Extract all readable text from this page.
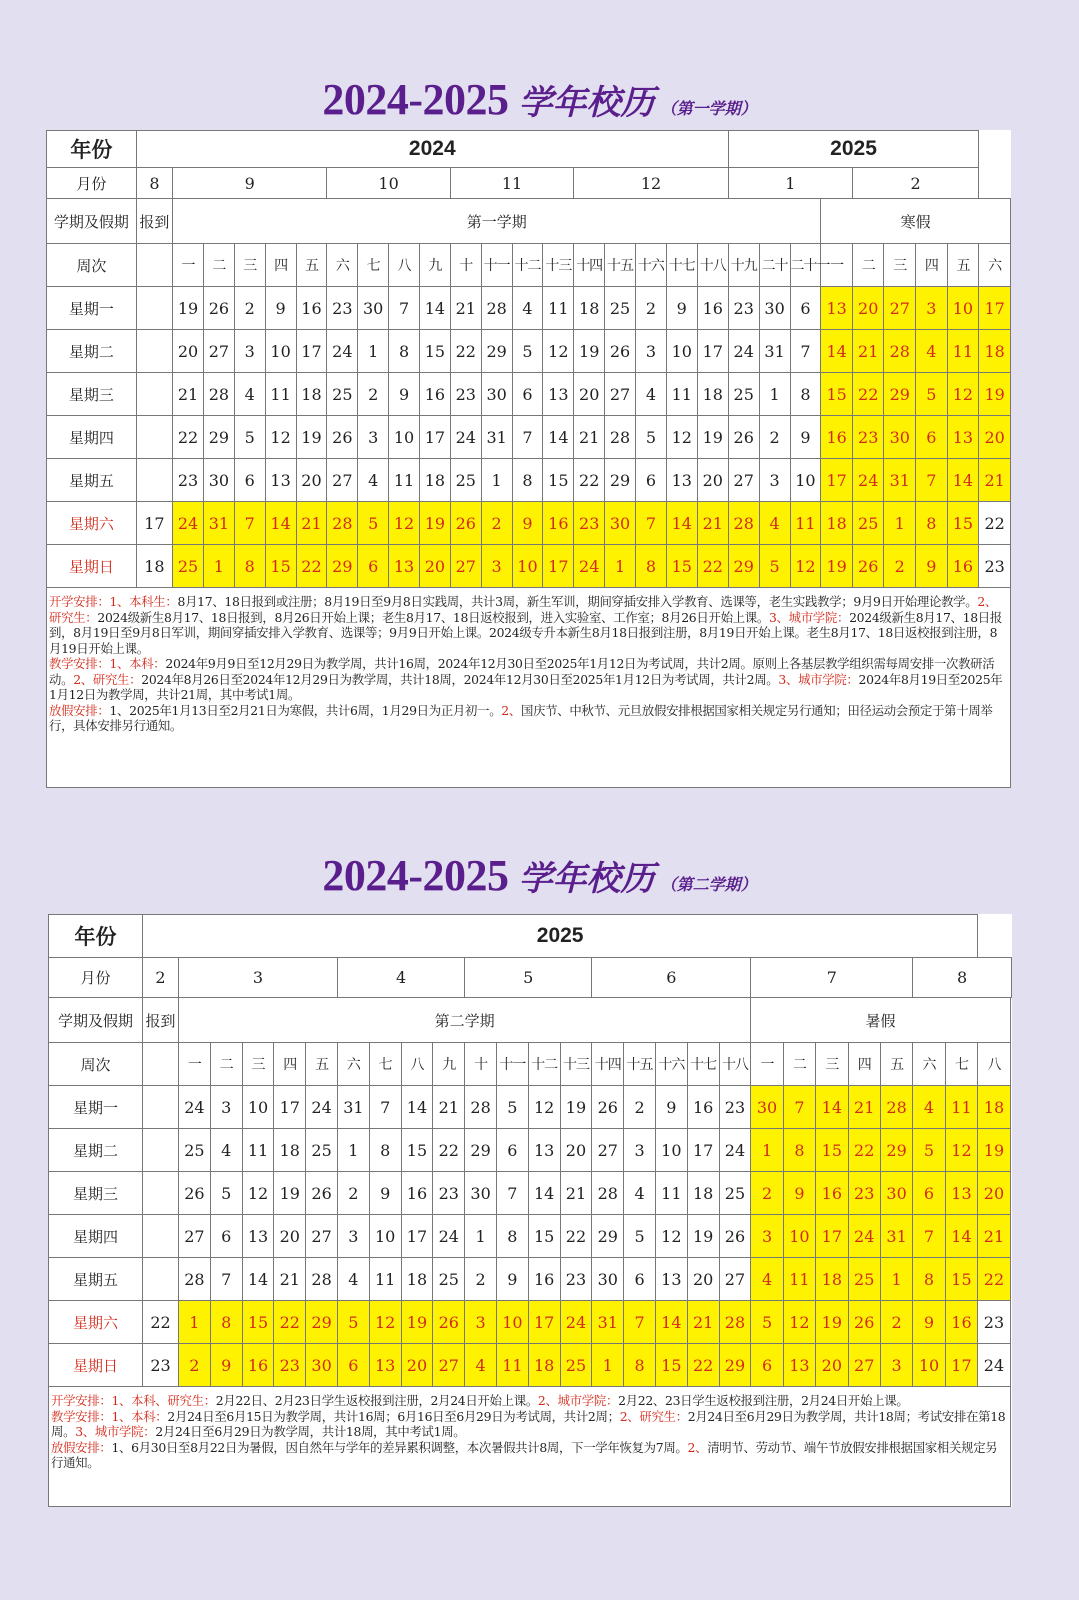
2024-2025 学年校历 （第一学期）
年份	2024																			2025								
月份	8	9					10				11				12					1				2				
学期及假期	报到	第一学期																					寒假					
周次		一	二	三	四	五	六	七	八	九	十	十一	十二	十三	十四	十五	十六	十七	十八	十九	二十	二十一	一	二	三	四	五	六
星期一		19	26	2	9	16	23	30	7	14	21	28	4	11	18	25	2	9	16	23	30	6	13	20	27	3	10	17
星期二		20	27	3	10	17	24	1	8	15	22	29	5	12	19	26	3	10	17	24	31	7	14	21	28	4	11	18
星期三		21	28	4	11	18	25	2	9	16	23	30	6	13	20	27	4	11	18	25	1	8	15	22	29	5	12	19
星期四		22	29	5	12	19	26	3	10	17	24	31	7	14	21	28	5	12	19	26	2	9	16	23	30	6	13	20
星期五		23	30	6	13	20	27	4	11	18	25	1	8	15	22	29	6	13	20	27	3	10	17	24	31	7	14	21
星期六	17	24	31	7	14	21	28	5	12	19	26	2	9	16	23	30	7	14	21	28	4	11	18	25	1	8	15	22
星期日	18	25	1	8	15	22	29	6	13	20	27	3	10	17	24	1	8	15	22	29	5	12	19	26	2	9	16	23
开学安排：1、本科生：8月17、18日报到或注册；8月19日至9月8日实践周，共计3周，新生军训，期间穿插安排入学教育、选课等，老生实践教学；9月9日开始理论教学。2、研究生：2024级新生8月17、18日报到，8月26日开始上课；老生8月17、18日返校报到，进入实验室、工作室；8月26日开始上课。3、城市学院：2024级新生8月17、18日报到，8月19日至9月8日军训，期间穿插安排入学教育、选课等；9月9日开始上课。2024级专升本新生8月18日报到注册，8月19日开始上课。老生8月17、18日返校报到注册，8月19日开始上课。
教学安排：1、本科：2024年9月9日至12月29日为教学周，共计16周，2024年12月30日至2025年1月12日为考试周，共计2周。原则上各基层教学组织需每周安排一次教研活动。2、研究生：2024年8月26日至2024年12月29日为教学周，共计18周，2024年12月30日至2025年1月12日为考试周，共计2周。3、城市学院：2024年8月19日至2025年1月12日为教学周，共计21周，其中考试1周。
放假安排：1、2025年1月13日至2月21日为寒假，共计6周，1月29日为正月初一。2、国庆节、中秋节、元旦放假安排根据国家相关规定另行通知；田径运动会预定于第十周举行，具体安排另行通知。																												
2024-2025 学年校历 （第二学期）
年份	2025																										
月份	2	3					4				5				6					7					8		
学期及假期	报到	第二学期																		暑假							
周次		一	二	三	四	五	六	七	八	九	十	十一	十二	十三	十四	十五	十六	十七	十八	一	二	三	四	五	六	七	八
星期一		24	3	10	17	24	31	7	14	21	28	5	12	19	26	2	9	16	23	30	7	14	21	28	4	11	18
星期二		25	4	11	18	25	1	8	15	22	29	6	13	20	27	3	10	17	24	1	8	15	22	29	5	12	19
星期三		26	5	12	19	26	2	9	16	23	30	7	14	21	28	4	11	18	25	2	9	16	23	30	6	13	20
星期四		27	6	13	20	27	3	10	17	24	1	8	15	22	29	5	12	19	26	3	10	17	24	31	7	14	21
星期五		28	7	14	21	28	4	11	18	25	2	9	16	23	30	6	13	20	27	4	11	18	25	1	8	15	22
星期六	22	1	8	15	22	29	5	12	19	26	3	10	17	24	31	7	14	21	28	5	12	19	26	2	9	16	23
星期日	23	2	9	16	23	30	6	13	20	27	4	11	18	25	1	8	15	22	29	6	13	20	27	3	10	17	24
开学安排：1、本科、研究生：2月22日、2月23日学生返校报到注册，2月24日开始上课。2、城市学院：2月22、23日学生返校报到注册，2月24日开始上课。
教学安排：1、本科：2月24日至6月15日为教学周，共计16周；6月16日至6月29日为考试周，共计2周；2、研究生：2月24日至6月29日为教学周，共计18周；考试安排在第18周。3、城市学院：2月24日至6月29日为教学周，共计18周，其中考试1周。
放假安排：1、6月30日至8月22日为暑假，因自然年与学年的差异累积调整，本次暑假共计8周，下一学年恢复为7周。2、清明节、劳动节、端午节放假安排根据国家相关规定另行通知。																											
